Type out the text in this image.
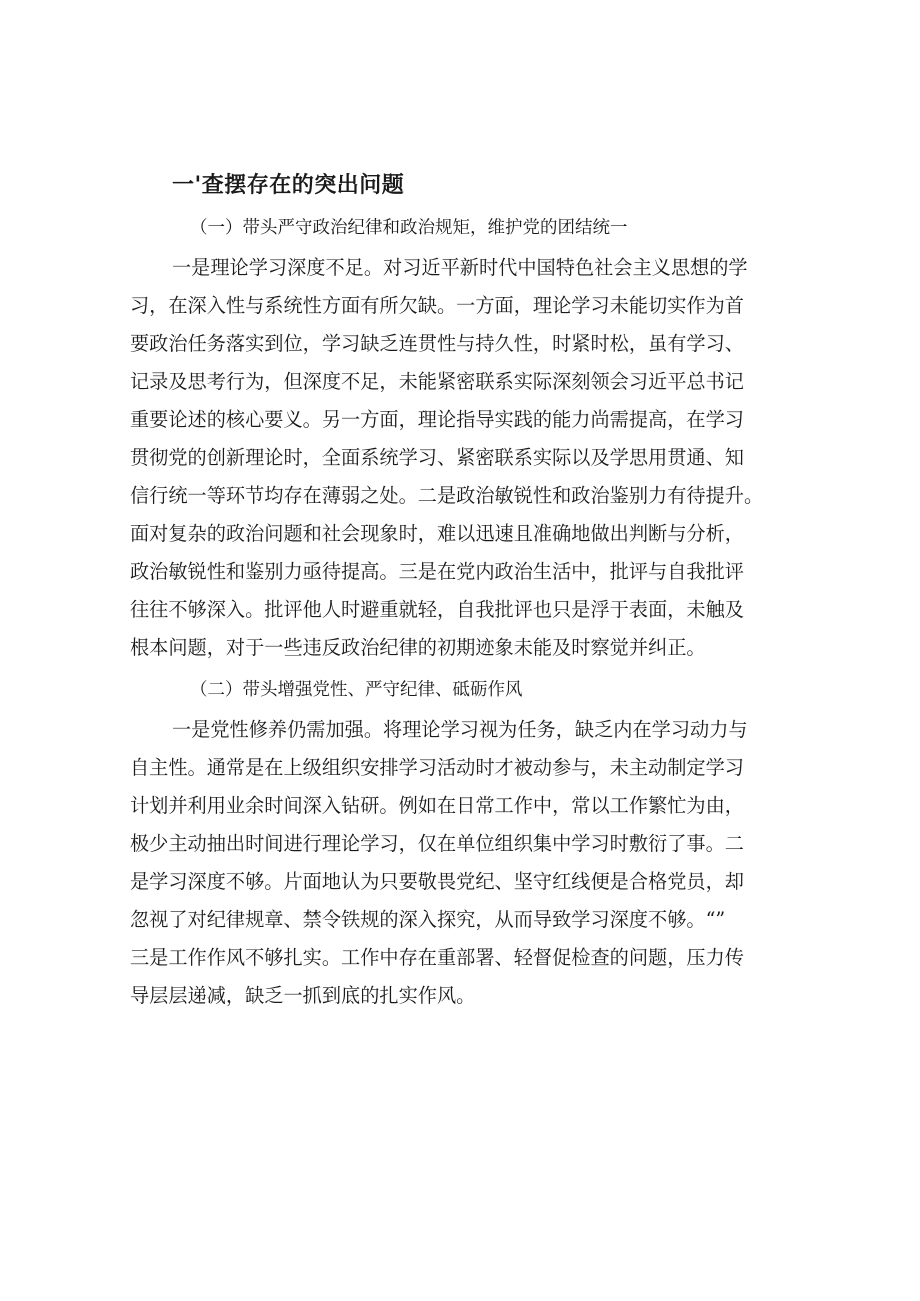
一'查摆存在的突出问题
（一）带头严守政治纪律和政治规矩，维护党的团结统一
一是理论学习深度不足。对习近平新时代中国特色社会主义思想的学
习，在深入性与系统性方面有所欠缺。一方面，理论学习未能切实作为首
要政治任务落实到位，学习缺乏连贯性与持久性，时紧时松，虽有学习、
记录及思考行为，但深度不足，未能紧密联系实际深刻领会习近平总书记
重要论述的核心要义。另一方面，理论指导实践的能力尚需提高，在学习
贯彻党的创新理论时，全面系统学习、紧密联系实际以及学思用贯通、知
信行统一等环节均存在薄弱之处。二是政治敏锐性和政治鉴别力有待提升。
面对复杂的政治问题和社会现象时，难以迅速且准确地做出判断与分析，
政治敏锐性和鉴别力亟待提高。三是在党内政治生活中，批评与自我批评
往往不够深入。批评他人时避重就轻，自我批评也只是浮于表面，未触及
根本问题，对于一些违反政治纪律的初期迹象未能及时察觉并纠正。
（二）带头增强党性、严守纪律、砥砺作风
一是党性修养仍需加强。将理论学习视为任务，缺乏内在学习动力与
自主性。通常是在上级组织安排学习活动时才被动参与，未主动制定学习
计划并利用业余时间深入钻研。例如在日常工作中，常以工作繁忙为由，
极少主动抽出时间进行理论学习，仅在单位组织集中学习时敷衍了事。二
是学习深度不够。片面地认为只要敬畏党纪、坚守红线便是合格党员，却
忽视了对纪律规章、禁令铁规的深入探究，从而导致学习深度不够。“”
三是工作作风不够扎实。工作中存在重部署、轻督促检查的问题，压力传
导层层递减，缺乏一抓到底的扎实作风。
